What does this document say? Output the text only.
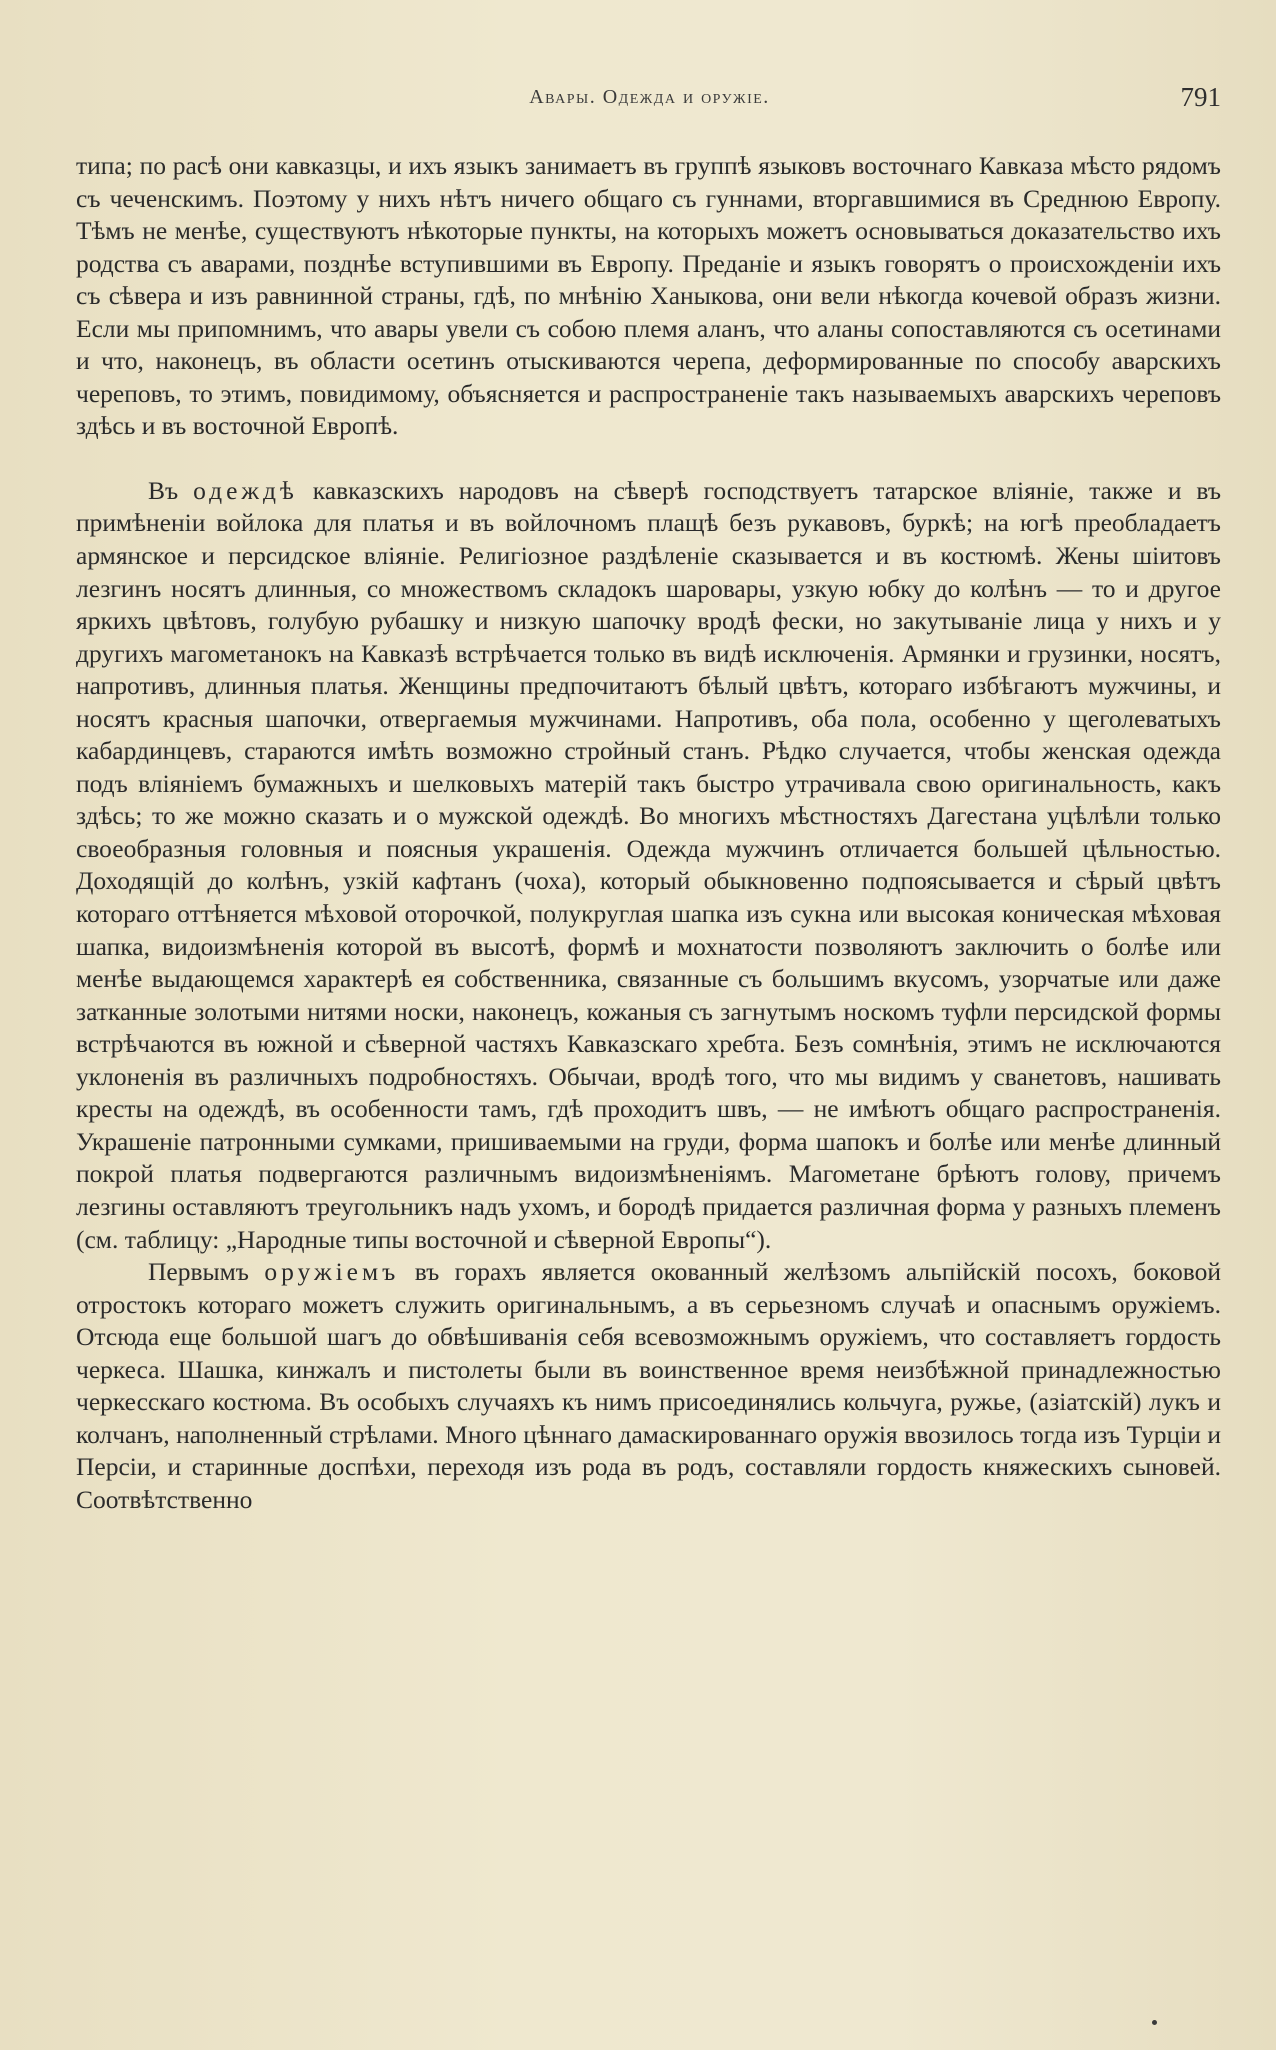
Авары. Одежда и оружіе.	791

типа; по расѣ они кавказцы, и ихъ языкъ занимаетъ въ группѣ языковъ восточнаго Кавказа мѣсто рядомъ съ чеченскимъ. Поэтому у нихъ нѣтъ ничего общаго съ гуннами, вторгавшимися въ Среднюю Европу. Тѣмъ не менѣе, существуютъ нѣкоторые пункты, на которыхъ можетъ основываться доказательство ихъ родства съ аварами, позднѣе вступившими въ Европу. Преданіе и языкъ говорятъ о происхожденіи ихъ съ сѣвера и изъ равнинной страны, гдѣ, по мнѣнію Ханыкова, они вели нѣкогда кочевой образъ жизни. Если мы припомнимъ, что авары увели съ собою племя аланъ, что аланы сопоставляются съ осетинами и что, наконецъ, въ области осетинъ отыскиваются черепа, деформированные по способу аварскихъ череповъ, то этимъ, повидимому, объясняется и распространеніе такъ называемыхъ аварскихъ череповъ здѣсь и въ восточной Европѣ.

Въ одеждѣ кавказскихъ народовъ на сѣверѣ господствуетъ татарское вліяніе, также и въ примѣненіи войлока для платья и въ войлочномъ плащѣ безъ рукавовъ, буркѣ; на югѣ преобладаетъ армянское и персидское вліяніе. Религіозное раздѣленіе сказывается и въ костюмѣ. Жены шіитовъ лезгинъ носятъ длинныя, со множествомъ складокъ шаровары, узкую юбку до колѣнъ — то и другое яркихъ цвѣтовъ, голубую рубашку и низкую шапочку вродѣ фески, но закутываніе лица у нихъ и у другихъ магометанокъ на Кавказѣ встрѣчается только въ видѣ исключенія. Армянки и грузинки, носятъ, напротивъ, длинныя платья. Женщины предпочитаютъ бѣлый цвѣтъ, котораго избѣгаютъ мужчины, и носятъ красныя шапочки, отвергаемыя мужчинами. Напротивъ, оба пола, особенно у щеголеватыхъ кабардинцевъ, стараются имѣть возможно стройный станъ. Рѣдко случается, чтобы женская одежда подъ вліяніемъ бумажныхъ и шелковыхъ матерій такъ быстро утрачивала свою оригинальность, какъ здѣсь; то же можно сказать и о мужской одеждѣ. Во многихъ мѣстностяхъ Дагестана уцѣлѣли только своеобразныя головныя и поясныя украшенія. Одежда мужчинъ отличается большей цѣльностью. Доходящій до колѣнъ, узкій кафтанъ (чоха), который обыкновенно подпоясывается и сѣрый цвѣтъ котораго оттѣняется мѣховой оторочкой, полукруглая шапка изъ сукна или высокая коническая мѣховая шапка, видоизмѣненія которой въ высотѣ, формѣ и мохнатости позволяютъ заключить о болѣе или менѣе выдающемся характерѣ ея собственника, связанные съ большимъ вкусомъ, узорчатые или даже затканные золотыми нитями носки, наконецъ, кожаныя съ загнутымъ носкомъ туфли персидской формы встрѣчаются въ южной и сѣверной частяхъ Кавказскаго хребта. Безъ сомнѣнія, этимъ не исключаются уклоненія въ различныхъ подробностяхъ. Обычаи, вродѣ того, что мы видимъ у сванетовъ, нашивать кресты на одеждѣ, въ особенности тамъ, гдѣ проходитъ швъ, — не имѣютъ общаго распространенія. Украшеніе патронными сумками, пришиваемыми на груди, форма шапокъ и болѣе или менѣе длинный покрой платья подвергаются различнымъ видоизмѣненіямъ. Магометане брѣютъ голову, причемъ лезгины оставляютъ треугольникъ надъ ухомъ, и бородѣ придается различная форма у разныхъ племенъ (см. таблицу: „Народные типы восточной и сѣверной Европы“).

Первымъ оружіемъ въ горахъ является окованный желѣзомъ альпійскій посохъ, боковой отростокъ котораго можетъ служить оригинальнымъ, а въ серьезномъ случаѣ и опаснымъ оружіемъ. Отсюда еще большой шагъ до обвѣшиванія себя всевозможнымъ оружіемъ, что составляетъ гордость черкеса. Шашка, кинжалъ и пистолеты были въ воинственное время неизбѣжной принадлежностью черкесскаго костюма. Въ особыхъ случаяхъ къ нимъ присоединялись кольчуга, ружье, (азіатскій) лукъ и колчанъ, наполненный стрѣлами. Много цѣннаго дамаскированнаго оружія ввозилось тогда изъ Турціи и Персіи, и старинные доспѣхи, переходя изъ рода въ родъ, составляли гордость княжескихъ сыновей. Соотвѣтственно
